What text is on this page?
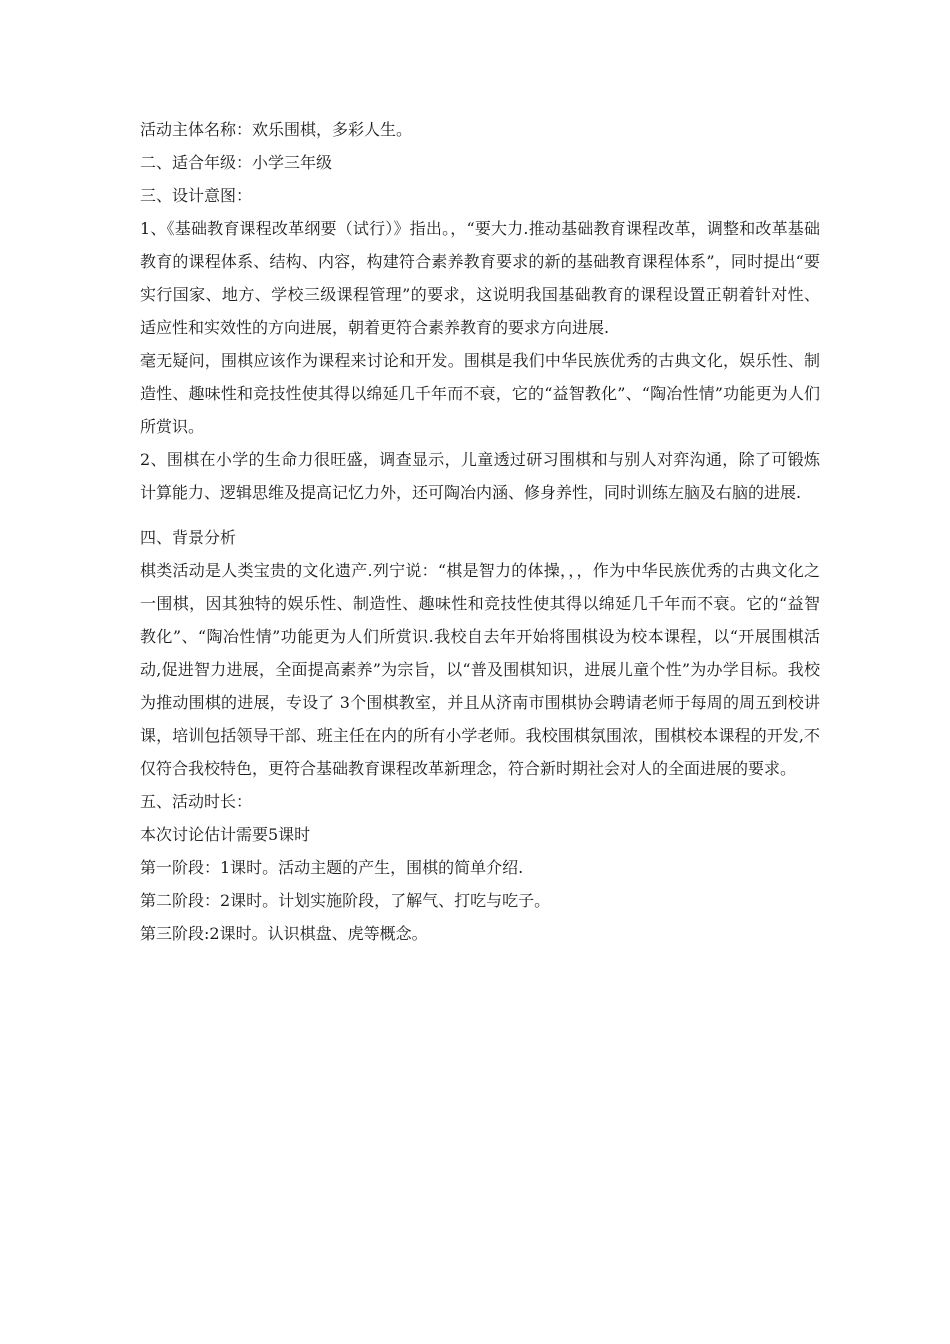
活动主体名称：欢乐围棋，多彩人生。

二、适合年级：小学三年级

三、设计意图：

1、《基础教育课程改革纲要（试行）》指出。，“要大力.推动基础教育课程改革，调整和改革基础教育的课程体系、结构、内容，构建符合素养教育要求的新的基础教育课程体系”，同时提出“要实行国家、地方、学校三级课程管理”的要求，这说明我国基础教育的课程设置正朝着针对性、适应性和实效性的方向进展，朝着更符合素养教育的要求方向进展.

毫无疑问，围棋应该作为课程来讨论和开发。围棋是我们中华民族优秀的古典文化，娱乐性、制造性、趣味性和竞技性使其得以绵延几千年而不衰，它的“益智教化”、“陶冶性情”功能更为人们所赏识。

2、围棋在小学的生命力很旺盛，调查显示，儿童透过研习围棋和与别人对弈沟通，除了可锻炼计算能力、逻辑思维及提高记忆力外，还可陶冶内涵、修身养性，同时训练左脑及右脑的进展.

四、背景分析

棋类活动是人类宝贵的文化遗产.列宁说：“棋是智力的体操，，，作为中华民族优秀的古典文化之一围棋，因其独特的娱乐性、制造性、趣味性和竞技性使其得以绵延几千年而不衰。它的“益智教化”、“陶冶性情”功能更为人们所赏识.我校自去年开始将围棋设为校本课程，以“开展围棋活动,促进智力进展，全面提高素养”为宗旨，以“普及围棋知识，进展儿童个性”为办学目标。我校为推动围棋的进展，专设了 3个围棋教室，并且从济南市围棋协会聘请老师于每周的周五到校讲课，培训包括领导干部、班主任在内的所有小学老师。我校围棋氛围浓，围棋校本课程的开发,不仅符合我校特色，更符合基础教育课程改革新理念，符合新时期社会对人的全面进展的要求。

五、活动时长：

本次讨论估计需要5课时

第一阶段：1课时。活动主题的产生，围棋的简单介绍.

第二阶段：2课时。计划实施阶段，了解气、打吃与吃子。

第三阶段:2课时。认识棋盘、虎等概念。
